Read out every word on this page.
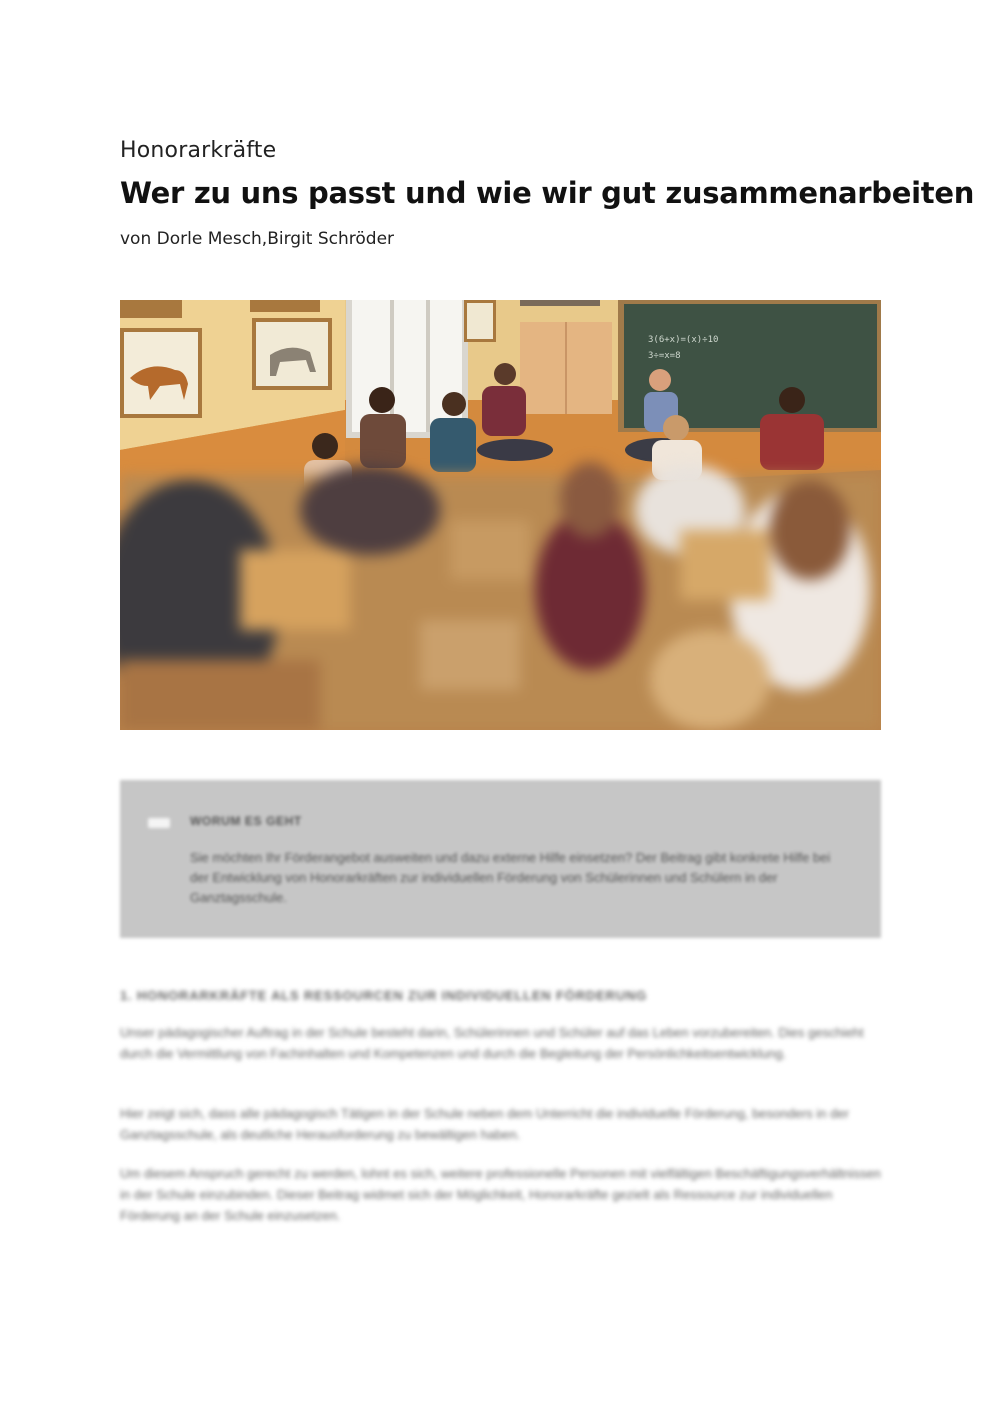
Honorarkräfte
Wer zu uns passt und wie wir gut zusammenarbeiten
von Dorle Mesch,Birgit Schröder
3(6+x)=(x)÷10
3÷=x=8
WORUM ES GEHT
Sie möchten Ihr Förderangebot ausweiten und dazu externe Hilfe einsetzen? Der Beitrag gibt konkrete Hilfe bei der Entwicklung von Honorarkräften zur individuellen Förderung von Schülerinnen und Schülern in der Ganztagsschule.
1. HONORARKRÄFTE ALS RESSOURCEN ZUR INDIVIDUELLEN FÖRDERUNG

Unser pädagogischer Auftrag in der Schule besteht darin, Schülerinnen und Schüler auf das Leben vorzubereiten. Dies geschieht durch die Vermittlung von Fachinhalten und Kompetenzen und durch die Begleitung der Persönlichkeitsentwicklung.

Hier zeigt sich, dass alle pädagogisch Tätigen in der Schule neben dem Unterricht die individuelle Förderung, besonders in der Ganztagsschule, als deutliche Herausforderung zu bewältigen haben.

Um diesem Anspruch gerecht zu werden, lohnt es sich, weitere professionelle Personen mit vielfältigen Beschäftigungsverhältnissen in der Schule einzubinden. Dieser Beitrag widmet sich der Möglichkeit, Honorarkräfte gezielt als Ressource zur individuellen Förderung an der Schule einzusetzen.
